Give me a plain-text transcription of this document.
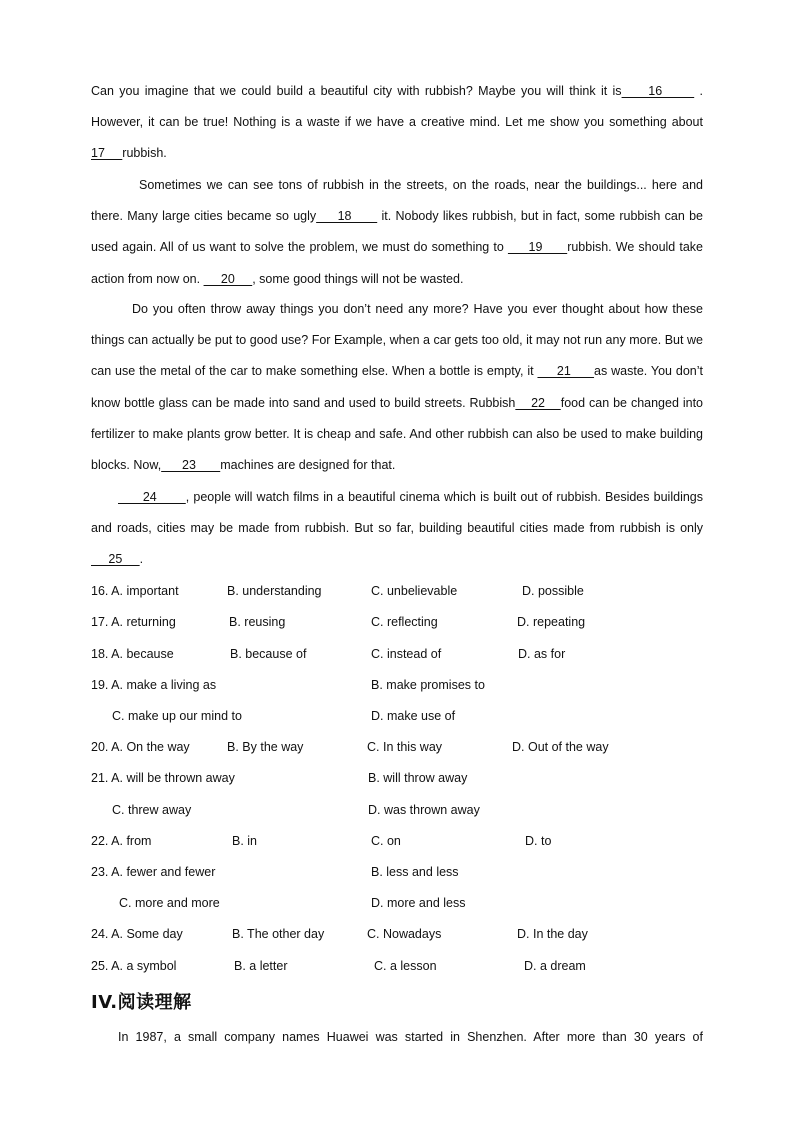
Can you imagine that we could build a beautiful city with rubbish? Maybe you will think it is     16       . However, it can be true! Nothing is a waste if we have a creative mind. Let me show you something about 17     rubbish.

Sometimes we can see tons of rubbish in the streets, on the roads, near the buildings... here and there. Many large cities became so ugly     18       it. Nobody likes rubbish, but in fact, some rubbish can be used again. All of us want to solve the problem, we must do something to      19      rubbish. We should take action from now on.      20     , some good things will not be wasted.

Do you often throw away things you don’t need any more? Have you ever thought about how these things can actually be put to good use? For Example, when a car gets too old, it may not run any more. But we can use the metal of the car to make something else. When a bottle is empty, it      21      as waste. You don’t know bottle glass can be made into sand and used to build streets. Rubbish    22    food can be changed into fertilizer to make plants grow better. It is cheap and safe. And other rubbish can also be used to make building blocks. Now,      23       machines are designed for that.

24       , people will watch films in a beautiful cinema which is built out of rubbish. Besides buildings and roads, cities may be made from rubbish. But so far, building beautiful cities made from rubbish is only     25     .

16. A. important	B. understanding	C. unbelievable	D. possible
17. A. returning	B. reusing	C. reflecting	D. repeating
18. A. because	B. because of	C. instead of	D. as for
19. A. make a living as	B. make promises to
C. make up our mind to	D. make use of
20. A. On the way	B. By the way	C. In this way	D. Out of the way
21. A. will be thrown away	B. will throw away
C. threw away	D. was thrown away
22. A. from	B. in	C. on	D. to
23. A. fewer and fewer	B. less and less
C. more and more	D. more and less
24. A. Some day	B. The other day	C. Nowadays	D. In the day
25. A. a symbol	B. a letter	C. a lesson	D. a dream
IV.阅读理解

In 1987, a small company names Huawei was started in Shenzhen. After more than 30 years of
